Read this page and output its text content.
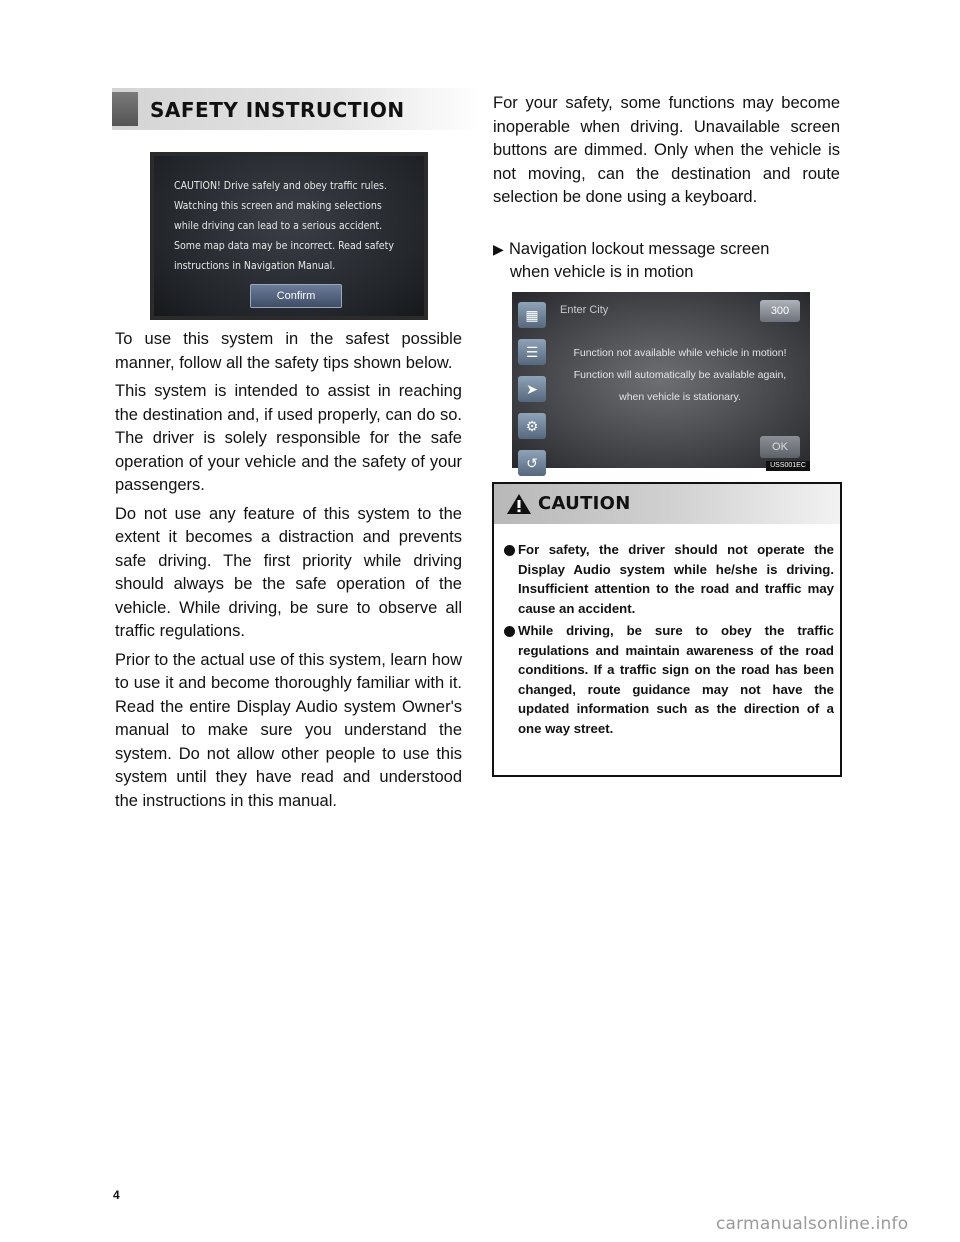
SAFETY INSTRUCTION
CAUTION! Drive safely and obey traffic rules.
Watching this screen and making selections
while driving can lead to a serious accident.
Some map data may be incorrect. Read safety
instructions in Navigation Manual.
Confirm

To use this system in the safest possible manner, follow all the safety tips shown below.

This system is intended to assist in reaching the destination and, if used properly, can do so. The driver is solely responsible for the safe operation of your vehicle and the safety of your passengers.

Do not use any feature of this system to the extent it becomes a distraction and prevents safe driving. The first priority while driving should always be the safe operation of the vehicle. While driving, be sure to observe all traffic regulations.

Prior to the actual use of this system, learn how to use it and become thoroughly familiar with it. Read the entire Display Audio system Owner's manual to make sure you understand the system. Do not allow other people to use this system until they have read and understood the instructions in this manual.

For your safety, some functions may become inoperable when driving. Unavailable screen buttons are dimmed. Only when the vehicle is not moving, can the destination and route selection be done using a keyboard.

▶ Navigation lockout message screen
when vehicle is in motion
▦
☰
➤
⚙
↺
Enter City	300
Function not available while vehicle in motion! Function will automatically be available again, when vehicle is stationary.
OK
USS001EC
CAUTION
For safety, the driver should not operate the Display Audio system while he/she is driving. Insufficient attention to the road and traffic may cause an accident.
While driving, be sure to obey the traffic regulations and maintain awareness of the road conditions. If a traffic sign on the road has been changed, route guidance may not have the updated information such as the direction of a one way street.
4
carmanualsonline.info
